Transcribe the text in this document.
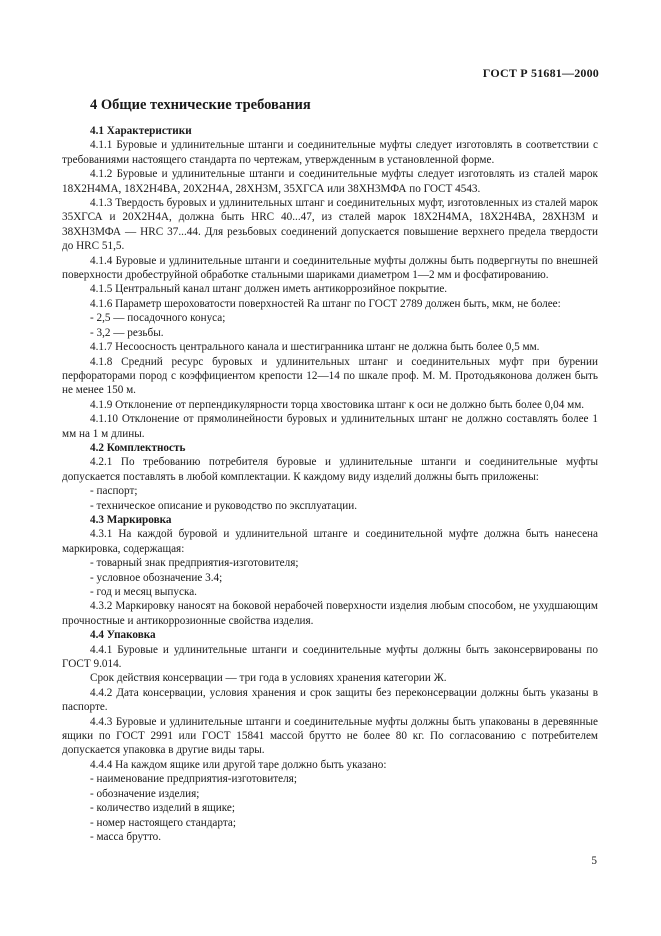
ГОСТ Р 51681—2000
4 Общие технические требования
4.1 Характеристики
4.1.1 Буровые и удлинительные штанги и соединительные муфты следует изготовлять в соответствии с требованиями настоящего стандарта по чертежам, утвержденным в установленной форме.
4.1.2 Буровые и удлинительные штанги и соединительные муфты следует изготовлять из сталей марок 18Х2Н4МА, 18Х2Н4ВА, 20Х2Н4А, 28ХН3М, 35ХГСА или 38ХН3МФА по ГОСТ 4543.
4.1.3 Твердость буровых и удлинительных штанг и соединительных муфт, изготовленных из сталей марок 35ХГСА и 20Х2Н4А, должна быть HRC 40...47, из сталей марок 18Х2Н4МА, 18Х2Н4ВА, 28ХН3М и 38ХН3МФА — HRC 37...44. Для резьбовых соединений допускается повышение верхнего предела твердости до HRC 51,5.
4.1.4 Буровые и удлинительные штанги и соединительные муфты должны быть подвергнуты по внешней поверхности дробеструйной обработке стальными шариками диаметром 1—2 мм и фосфатированию.
4.1.5 Центральный канал штанг должен иметь антикоррозийное покрытие.
4.1.6 Параметр шероховатости поверхностей Ra штанг по ГОСТ 2789 должен быть, мкм, не более:
- 2,5 — посадочного конуса;
- 3,2 — резьбы.
4.1.7 Несоосность центрального канала и шестигранника штанг не должна быть более 0,5 мм.
4.1.8 Средний ресурс буровых и удлинительных штанг и соединительных муфт при бурении перфораторами пород с коэффициентом крепости 12—14 по шкале проф. М. М. Протодьяконова должен быть не менее 150 м.
4.1.9 Отклонение от перпендикулярности торца хвостовика штанг к оси не должно быть более 0,04 мм.
4.1.10 Отклонение от прямолинейности буровых и удлинительных штанг не должно составлять более 1 мм на 1 м длины.
4.2 Комплектность
4.2.1 По требованию потребителя буровые и удлинительные штанги и соединительные муфты допускается поставлять в любой комплектации. К каждому виду изделий должны быть приложены:
- паспорт;
- техническое описание и руководство по эксплуатации.
4.3 Маркировка
4.3.1 На каждой буровой и удлинительной штанге и соединительной муфте должна быть нанесена маркировка, содержащая:
- товарный знак предприятия-изготовителя;
- условное обозначение 3.4;
- год и месяц выпуска.
4.3.2 Маркировку наносят на боковой нерабочей поверхности изделия любым способом, не ухудшающим прочностные и антикоррозионные свойства изделия.
4.4 Упаковка
4.4.1 Буровые и удлинительные штанги и соединительные муфты должны быть законсервированы по ГОСТ 9.014.
Срок действия консервации — три года в условиях хранения категории Ж.
4.4.2 Дата консервации, условия хранения и срок защиты без переконсервации должны быть указаны в паспорте.
4.4.3 Буровые и удлинительные штанги и соединительные муфты должны быть упакованы в деревянные ящики по ГОСТ 2991 или ГОСТ 15841 массой брутто не более 80 кг. По согласованию с потребителем допускается упаковка в другие виды тары.
4.4.4 На каждом ящике или другой таре должно быть указано:
- наименование предприятия-изготовителя;
- обозначение изделия;
- количество изделий в ящике;
- номер настоящего стандарта;
- масса брутто.
5
